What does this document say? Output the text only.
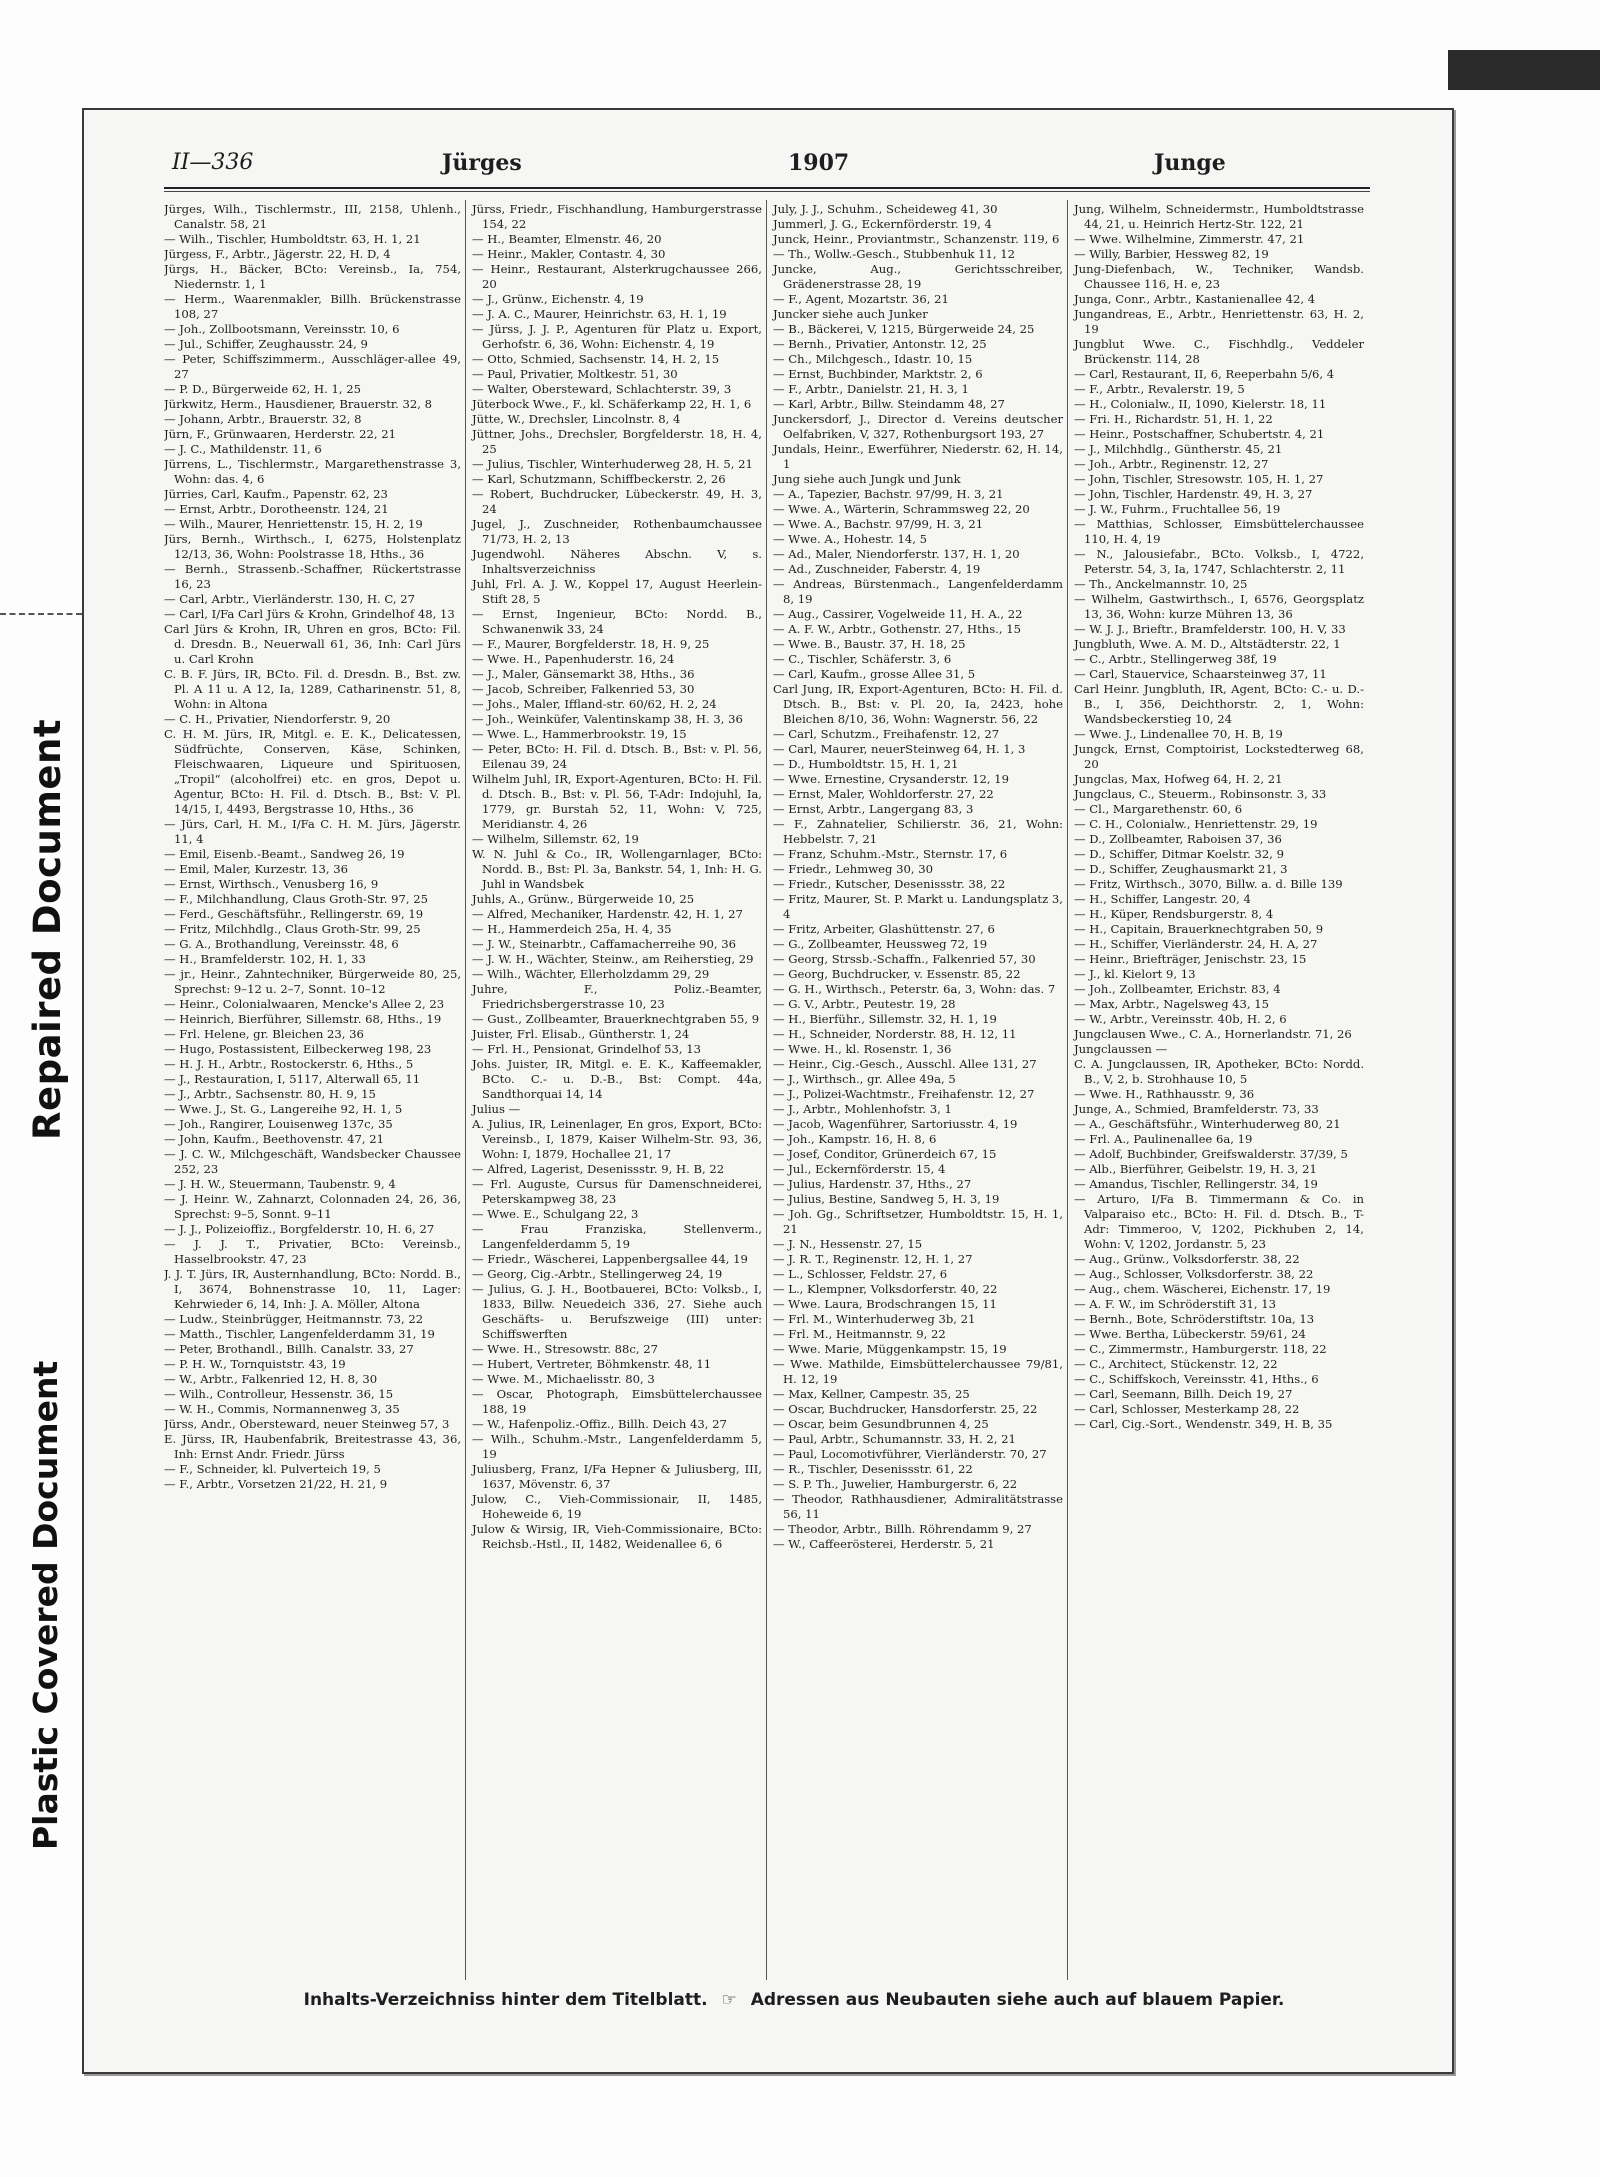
Repaired Document
Plastic Covered Document
II—336	Jürges	1907	Junge

Jürges, Wilh., Tischlermstr., III, 2158, Uhlenh., Canalstr. 58, 21

— Wilh., Tischler, Humboldtstr. 63, H. 1, 21

Jürgess, F., Arbtr., Jägerstr. 22, H. D, 4

Jürgs, H., Bäcker, BCto: Vereinsb., Ia, 754, Niedernstr. 1, 1

— Herm., Waarenmakler, Billh. Brückenstrasse 108, 27

— Joh., Zollbootsmann, Vereinsstr. 10, 6

— Jul., Schiffer, Zeughausstr. 24, 9

— Peter, Schiffszimmerm., Ausschläger-allee 49, 27

— P. D., Bürgerweide 62, H. 1, 25

Jürkwitz, Herm., Hausdiener, Brauerstr. 32, 8

— Johann, Arbtr., Brauerstr. 32, 8

Jürn, F., Grünwaaren, Herderstr. 22, 21

— J. C., Mathildenstr. 11, 6

Jürrens, L., Tischlermstr., Margarethenstrasse 3, Wohn: das. 4, 6

Jürries, Carl, Kaufm., Papenstr. 62, 23

— Ernst, Arbtr., Dorotheenstr. 124, 21

— Wilh., Maurer, Henriettenstr. 15, H. 2, 19

Jürs, Bernh., Wirthsch., I, 6275, Holstenplatz 12/13, 36, Wohn: Poolstrasse 18, Hths., 36

— Bernh., Strassenb.-Schaffner, Rückertstrasse 16, 23

— Carl, Arbtr., Vierländerstr. 130, H. C, 27

— Carl, I/Fa Carl Jürs & Krohn, Grindelhof 48, 13

Carl Jürs & Krohn, IR, Uhren en gros, BCto: Fil. d. Dresdn. B., Neuerwall 61, 36, Inh: Carl Jürs u. Carl Krohn

C. B. F. Jürs, IR, BCto. Fil. d. Dresdn. B., Bst. zw. Pl. A 11 u. A 12, Ia, 1289, Catharinenstr. 51, 8, Wohn: in Altona

— C. H., Privatier, Niendorferstr. 9, 20

C. H. M. Jürs, IR, Mitgl. e. E. K., Delicatessen, Südfrüchte, Conserven, Käse, Schinken, Fleischwaaren, Liqueure und Spirituosen, „Tropil“ (alcoholfrei) etc. en gros, Depot u. Agentur, BCto: H. Fil. d. Dtsch. B., Bst: V. Pl. 14/15, I, 4493, Bergstrasse 10, Hths., 36

— Jürs, Carl, H. M., I/Fa C. H. M. Jürs, Jägerstr. 11, 4

— Emil, Eisenb.-Beamt., Sandweg 26, 19

— Emil, Maler, Kurzestr. 13, 36

— Ernst, Wirthsch., Venusberg 16, 9

— F., Milchhandlung, Claus Groth-Str. 97, 25

— Ferd., Geschäftsführ., Rellingerstr. 69, 19

— Fritz, Milchhdlg., Claus Groth-Str. 99, 25

— G. A., Brothandlung, Vereinsstr. 48, 6

— H., Bramfelderstr. 102, H. 1, 33

— jr., Heinr., Zahntechniker, Bürgerweide 80, 25, Sprechst: 9–12 u. 2–7, Sonnt. 10–12

— Heinr., Colonialwaaren, Mencke's Allee 2, 23

— Heinrich, Bierführer, Sillemstr. 68, Hths., 19

— Frl. Helene, gr. Bleichen 23, 36

— Hugo, Postassistent, Eilbeckerweg 198, 23

— H. J. H., Arbtr., Rostockerstr. 6, Hths., 5

— J., Restauration, I, 5117, Alterwall 65, 11

— J., Arbtr., Sachsenstr. 80, H. 9, 15

— Wwe. J., St. G., Langereihe 92, H. 1, 5

— Joh., Rangirer, Louisenweg 137c, 35

— John, Kaufm., Beethovenstr. 47, 21

— J. C. W., Milchgeschäft, Wandsbecker Chaussee 252, 23

— J. H. W., Steuermann, Taubenstr. 9, 4

— J. Heinr. W., Zahnarzt, Colonnaden 24, 26, 36, Sprechst: 9–5, Sonnt. 9–11

— J. J., Polizeioffiz., Borgfelderstr. 10, H. 6, 27

— J. J. T., Privatier, BCto: Vereinsb., Hasselbrookstr. 47, 23

J. J. T. Jürs, IR, Austernhandlung, BCto: Nordd. B., I, 3674, Bohnenstrasse 10, 11, Lager: Kehrwieder 6, 14, Inh: J. A. Möller, Altona

— Ludw., Steinbrügger, Heitmannstr. 73, 22

— Matth., Tischler, Langenfelderdamm 31, 19

— Peter, Brothandl., Billh. Canalstr. 33, 27

— P. H. W., Tornquiststr. 43, 19

— W., Arbtr., Falkenried 12, H. 8, 30

— Wilh., Controlleur, Hessenstr. 36, 15

— W. H., Commis, Normannenweg 3, 35

Jürss, Andr., Obersteward, neuer Steinweg 57, 3

E. Jürss, IR, Haubenfabrik, Breitestrasse 43, 36, Inh: Ernst Andr. Friedr. Jürss

— F., Schneider, kl. Pulverteich 19, 5

— F., Arbtr., Vorsetzen 21/22, H. 21, 9

Jürss, Friedr., Fischhandlung, Hamburgerstrasse 154, 22

— H., Beamter, Elmenstr. 46, 20

— Heinr., Makler, Contastr. 4, 30

— Heinr., Restaurant, Alsterkrugchaussee 266, 20

— J., Grünw., Eichenstr. 4, 19

— J. A. C., Maurer, Heinrichstr. 63, H. 1, 19

— Jürss, J. J. P., Agenturen für Platz u. Export, Gerhofstr. 6, 36, Wohn: Eichenstr. 4, 19

— Otto, Schmied, Sachsenstr. 14, H. 2, 15

— Paul, Privatier, Moltkestr. 51, 30

— Walter, Obersteward, Schlachterstr. 39, 3

Jüterbock Wwe., F., kl. Schäferkamp 22, H. 1, 6

Jütte, W., Drechsler, Lincolnstr. 8, 4

Jüttner, Johs., Drechsler, Borgfelderstr. 18, H. 4, 25

— Julius, Tischler, Winterhuderweg 28, H. 5, 21

— Karl, Schutzmann, Schiffbeckerstr. 2, 26

— Robert, Buchdrucker, Lübeckerstr. 49, H. 3, 24

Jugel, J., Zuschneider, Rothenbaumchaussee 71/73, H. 2, 13

Jugendwohl. Näheres Abschn. V, s. Inhaltsverzeichniss

Juhl, Frl. A. J. W., Koppel 17, August Heerlein-Stift 28, 5

— Ernst, Ingenieur, BCto: Nordd. B., Schwanenwik 33, 24

— F., Maurer, Borgfelderstr. 18, H. 9, 25

— Wwe. H., Papenhuderstr. 16, 24

— J., Maler, Gänsemarkt 38, Hths., 36

— Jacob, Schreiber, Falkenried 53, 30

— Johs., Maler, Iffland-str. 60/62, H. 2, 24

— Joh., Weinküfer, Valentinskamp 38, H. 3, 36

— Wwe. L., Hammerbrookstr. 19, 15

— Peter, BCto: H. Fil. d. Dtsch. B., Bst: v. Pl. 56, Eilenau 39, 24

Wilhelm Juhl, IR, Export-Agenturen, BCto: H. Fil. d. Dtsch. B., Bst: v. Pl. 56, T-Adr: Indojuhl, Ia, 1779, gr. Burstah 52, 11, Wohn: V, 725, Meridianstr. 4, 26

— Wilhelm, Sillemstr. 62, 19

W. N. Juhl & Co., IR, Wollengarnlager, BCto: Nordd. B., Bst: Pl. 3a, Bankstr. 54, 1, Inh: H. G. Juhl in Wandsbek

Juhls, A., Grünw., Bürgerweide 10, 25

— Alfred, Mechaniker, Hardenstr. 42, H. 1, 27

— H., Hammerdeich 25a, H. 4, 35

— J. W., Steinarbtr., Caffamacherreihe 90, 36

— J. W. H., Wächter, Steinw., am Reiherstieg, 29

— Wilh., Wächter, Ellerholzdamm 29, 29

Juhre, F., Poliz.-Beamter, Friedrichsbergerstrasse 10, 23

— Gust., Zollbeamter, Brauerknechtgraben 55, 9

Juister, Frl. Elisab., Güntherstr. 1, 24

— Frl. H., Pensionat, Grindelhof 53, 13

Johs. Juister, IR, Mitgl. e. E. K., Kaffeemakler, BCto. C.- u. D.-B., Bst: Compt. 44a, Sandthorquai 14, 14

Julius —

A. Julius, IR, Leinenlager, En gros, Export, BCto: Vereinsb., I, 1879, Kaiser Wilhelm-Str. 93, 36, Wohn: I, 1879, Hochallee 21, 17

— Alfred, Lagerist, Desenissstr. 9, H. B, 22

— Frl. Auguste, Cursus für Damenschneiderei, Peterskampweg 38, 23

— Wwe. E., Schulgang 22, 3

— Frau Franziska, Stellenverm., Langenfelderdamm 5, 19

— Friedr., Wäscherei, Lappenbergsallee 44, 19

— Georg, Cig.-Arbtr., Stellingerweg 24, 19

— Julius, G. J. H., Bootbauerei, BCto: Volksb., I, 1833, Billw. Neuedeich 336, 27. Siehe auch Geschäfts- u. Berufszweige (III) unter: Schiffswerften

— Wwe. H., Stresowstr. 88c, 27

— Hubert, Vertreter, Böhmkenstr. 48, 11

— Wwe. M., Michaelisstr. 80, 3

— Oscar, Photograph, Eimsbüttelerchaussee 188, 19

— W., Hafenpoliz.-Offiz., Billh. Deich 43, 27

— Wilh., Schuhm.-Mstr., Langenfelderdamm 5, 19

Juliusberg, Franz, I/Fa Hepner & Juliusberg, III, 1637, Mövenstr. 6, 37

Julow, C., Vieh-Commissionair, II, 1485, Hoheweide 6, 19

Julow & Wirsig, IR, Vieh-Commissionaire, BCto: Reichsb.-Hstl., II, 1482, Weidenallee 6, 6

July, J. J., Schuhm., Scheideweg 41, 30

Jummerl, J. G., Eckernförderstr. 19, 4

Junck, Heinr., Proviantmstr., Schanzenstr. 119, 6

— Th., Wollw.-Gesch., Stubbenhuk 11, 12

Juncke, Aug., Gerichtsschreiber, Grädenerstrasse 28, 19

— F., Agent, Mozartstr. 36, 21

Juncker siehe auch Junker

— B., Bäckerei, V, 1215, Bürgerweide 24, 25

— Bernh., Privatier, Antonstr. 12, 25

— Ch., Milchgesch., Idastr. 10, 15

— Ernst, Buchbinder, Marktstr. 2, 6

— F., Arbtr., Danielstr. 21, H. 3, 1

— Karl, Arbtr., Billw. Steindamm 48, 27

Junckersdorf, J., Director d. Vereins deutscher Oelfabriken, V, 327, Rothenburgsort 193, 27

Jundals, Heinr., Ewerführer, Niederstr. 62, H. 14, 1

Jung siehe auch Jungk und Junk

— A., Tapezier, Bachstr. 97/99, H. 3, 21

— Wwe. A., Wärterin, Schrammsweg 22, 20

— Wwe. A., Bachstr. 97/99, H. 3, 21

— Wwe. A., Hohestr. 14, 5

— Ad., Maler, Niendorferstr. 137, H. 1, 20

— Ad., Zuschneider, Faberstr. 4, 19

— Andreas, Bürstenmach., Langenfelderdamm 8, 19

— Aug., Cassirer, Vogelweide 11, H. A., 22

— A. F. W., Arbtr., Gothenstr. 27, Hths., 15

— Wwe. B., Baustr. 37, H. 18, 25

— C., Tischler, Schäferstr. 3, 6

— Carl, Kaufm., grosse Allee 31, 5

Carl Jung, IR, Export-Agenturen, BCto: H. Fil. d. Dtsch. B., Bst: v. Pl. 20, Ia, 2423, hohe Bleichen 8/10, 36, Wohn: Wagnerstr. 56, 22

— Carl, Schutzm., Freihafenstr. 12, 27

— Carl, Maurer, neuerSteinweg 64, H. 1, 3

— D., Humboldtstr. 15, H. 1, 21

— Wwe. Ernestine, Crysanderstr. 12, 19

— Ernst, Maler, Wohldorferstr. 27, 22

— Ernst, Arbtr., Langergang 83, 3

— F., Zahnatelier, Schilierstr. 36, 21, Wohn: Hebbelstr. 7, 21

— Franz, Schuhm.-Mstr., Sternstr. 17, 6

— Friedr., Lehmweg 30, 30

— Friedr., Kutscher, Desenissstr. 38, 22

— Fritz, Maurer, St. P. Markt u. Landungsplatz 3, 4

— Fritz, Arbeiter, Glashüttenstr. 27, 6

— G., Zollbeamter, Heussweg 72, 19

— Georg, Strssb.-Schaffn., Falkenried 57, 30

— Georg, Buchdrucker, v. Essenstr. 85, 22

— G. H., Wirthsch., Peterstr. 6a, 3, Wohn: das. 7

— G. V., Arbtr., Peutestr. 19, 28

— H., Bierführ., Sillemstr. 32, H. 1, 19

— H., Schneider, Norderstr. 88, H. 12, 11

— Wwe. H., kl. Rosenstr. 1, 36

— Heinr., Cig.-Gesch., Ausschl. Allee 131, 27

— J., Wirthsch., gr. Allee 49a, 5

— J., Polizei-Wachtmstr., Freihafenstr. 12, 27

— J., Arbtr., Mohlenhofstr. 3, 1

— Jacob, Wagenführer, Sartoriusstr. 4, 19

— Joh., Kampstr. 16, H. 8, 6

— Josef, Conditor, Grünerdeich 67, 15

— Jul., Eckernförderstr. 15, 4

— Julius, Hardenstr. 37, Hths., 27

— Julius, Bestine, Sandweg 5, H. 3, 19

— Joh. Gg., Schriftsetzer, Humboldtstr. 15, H. 1, 21

— J. N., Hessenstr. 27, 15

— J. R. T., Reginenstr. 12, H. 1, 27

— L., Schlosser, Feldstr. 27, 6

— L., Klempner, Volksdorferstr. 40, 22

— Wwe. Laura, Brodschrangen 15, 11

— Frl. M., Winterhuderweg 3b, 21

— Frl. M., Heitmannstr. 9, 22

— Wwe. Marie, Müggenkampstr. 15, 19

— Wwe. Mathilde, Eimsbüttelerchaussee 79/81, H. 12, 19

— Max, Kellner, Campestr. 35, 25

— Oscar, Buchdrucker, Hansdorferstr. 25, 22

— Oscar, beim Gesundbrunnen 4, 25

— Paul, Arbtr., Schumannstr. 33, H. 2, 21

— Paul, Locomotivführer, Vierländerstr. 70, 27

— R., Tischler, Desenissstr. 61, 22

— S. P. Th., Juwelier, Hamburgerstr. 6, 22

— Theodor, Rathhausdiener, Admiralitätstrasse 56, 11

— Theodor, Arbtr., Billh. Röhrendamm 9, 27

— W., Caffeerösterei, Herderstr. 5, 21

Jung, Wilhelm, Schneidermstr., Humboldtstrasse 44, 21, u. Heinrich Hertz-Str. 122, 21

— Wwe. Wilhelmine, Zimmerstr. 47, 21

— Willy, Barbier, Hessweg 82, 19

Jung-Diefenbach, W., Techniker, Wandsb. Chaussee 116, H. e, 23

Junga, Conr., Arbtr., Kastanienallee 42, 4

Jungandreas, E., Arbtr., Henriettenstr. 63, H. 2, 19

Jungblut Wwe. C., Fischhdlg., Veddeler Brückenstr. 114, 28

— Carl, Restaurant, II, 6, Reeperbahn 5/6, 4

— F., Arbtr., Revalerstr. 19, 5

— H., Colonialw., II, 1090, Kielerstr. 18, 11

— Fri. H., Richardstr. 51, H. 1, 22

— Heinr., Postschaffner, Schubertstr. 4, 21

— J., Milchhdlg., Güntherstr. 45, 21

— Joh., Arbtr., Reginenstr. 12, 27

— John, Tischler, Stresowstr. 105, H. 1, 27

— John, Tischler, Hardenstr. 49, H. 3, 27

— J. W., Fuhrm., Fruchtallee 56, 19

— Matthias, Schlosser, Eimsbüttelerchaussee 110, H. 4, 19

— N., Jalousiefabr., BCto. Volksb., I, 4722, Peterstr. 54, 3, Ia, 1747, Schlachterstr. 2, 11

— Th., Anckelmannstr. 10, 25

— Wilhelm, Gastwirthsch., I, 6576, Georgsplatz 13, 36, Wohn: kurze Mühren 13, 36

— W. J. J., Brieftr., Bramfelderstr. 100, H. V, 33

Jungbluth, Wwe. A. M. D., Altstädterstr. 22, 1

— C., Arbtr., Stellingerweg 38f, 19

— Carl, Stauervice, Schaarsteinweg 37, 11

Carl Heinr. Jungbluth, IR, Agent, BCto: C.- u. D.-B., I, 356, Deichthorstr. 2, 1, Wohn: Wandsbeckerstieg 10, 24

— Wwe. J., Lindenallee 70, H. B, 19

Jungck, Ernst, Comptoirist, Lockstedterweg 68, 20

Jungclas, Max, Hofweg 64, H. 2, 21

Jungclaus, C., Steuerm., Robinsonstr. 3, 33

— Cl., Margarethenstr. 60, 6

— C. H., Colonialw., Henriettenstr. 29, 19

— D., Zollbeamter, Raboisen 37, 36

— D., Schiffer, Ditmar Koelstr. 32, 9

— D., Schiffer, Zeughausmarkt 21, 3

— Fritz, Wirthsch., 3070, Billw. a. d. Bille 139

— H., Schiffer, Langestr. 20, 4

— H., Küper, Rendsburgerstr. 8, 4

— H., Capitain, Brauerknechtgraben 50, 9

— H., Schiffer, Vierländerstr. 24, H. A, 27

— Heinr., Briefträger, Jenischstr. 23, 15

— J., kl. Kielort 9, 13

— Joh., Zollbeamter, Erichstr. 83, 4

— Max, Arbtr., Nagelsweg 43, 15

— W., Arbtr., Vereinsstr. 40b, H. 2, 6

Jungclausen Wwe., C. A., Hornerlandstr. 71, 26

Jungclaussen —

C. A. Jungclaussen, IR, Apotheker, BCto: Nordd. B., V, 2, b. Strohhause 10, 5

— Wwe. H., Rathhausstr. 9, 36

Junge, A., Schmied, Bramfelderstr. 73, 33

— A., Geschäftsführ., Winterhuderweg 80, 21

— Frl. A., Paulinenallee 6a, 19

— Adolf, Buchbinder, Greifswalderstr. 37/39, 5

— Alb., Bierführer, Geibelstr. 19, H. 3, 21

— Amandus, Tischler, Rellingerstr. 34, 19

— Arturo, I/Fa B. Timmermann & Co. in Valparaiso etc., BCto: H. Fil. d. Dtsch. B., T-Adr: Timmeroo, V, 1202, Pickhuben 2, 14, Wohn: V, 1202, Jordanstr. 5, 23

— Aug., Grünw., Volksdorferstr. 38, 22

— Aug., Schlosser, Volksdorferstr. 38, 22

— Aug., chem. Wäscherei, Eichenstr. 17, 19

— A. F. W., im Schröderstift 31, 13

— Bernh., Bote, Schröderstiftstr. 10a, 13

— Wwe. Bertha, Lübeckerstr. 59/61, 24

— C., Zimmermstr., Hamburgerstr. 118, 22

— C., Architect, Stückenstr. 12, 22

— C., Schiffskoch, Vereinsstr. 41, Hths., 6

— Carl, Seemann, Billh. Deich 19, 27

— Carl, Schlosser, Mesterkamp 28, 22

— Carl, Cig.-Sort., Wendenstr. 349, H. B, 35

Inhalts-Verzeichniss hinter dem Titelblatt. ☞ Adressen aus Neubauten siehe auch auf blauem Papier.
